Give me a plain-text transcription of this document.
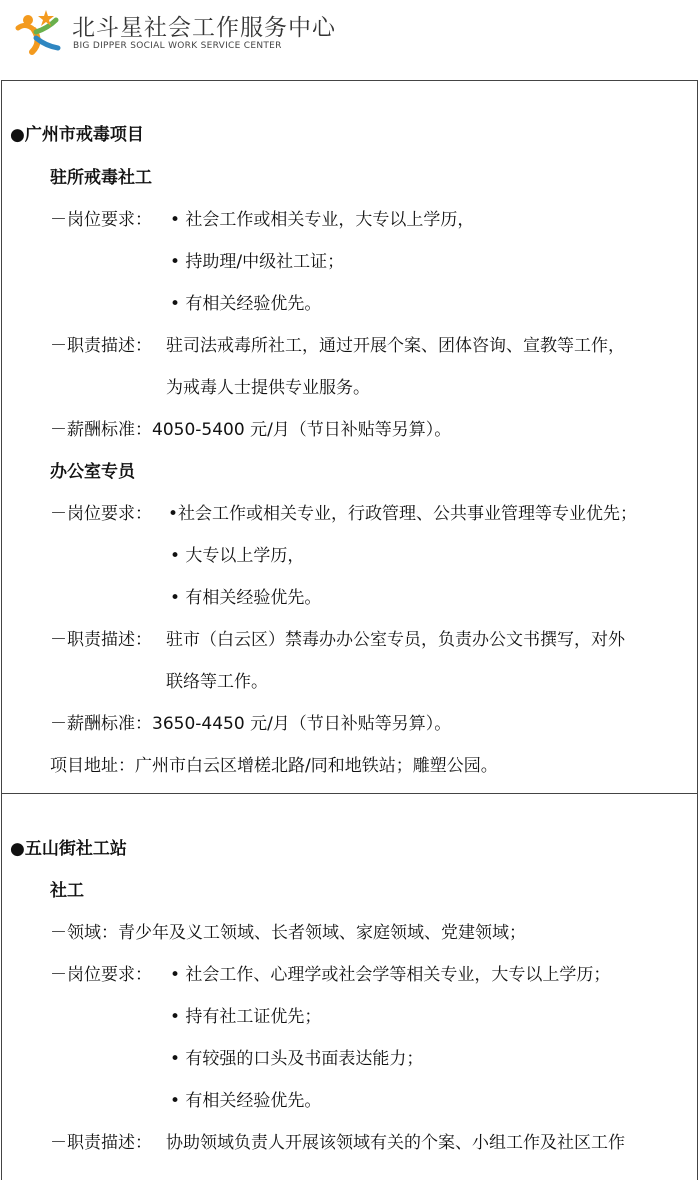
北斗星社会工作服务中心
BIG DIPPER SOCIAL WORK SERVICE CENTER
●广州市戒毒项目
驻所戒毒社工
－岗位要求： • 社会工作或相关专业，大专以上学历，
• 持助理/中级社工证；
• 有相关经验优先。
－职责描述： 驻司法戒毒所社工，通过开展个案、团体咨询、宣教等工作，
为戒毒人士提供专业服务。
－薪酬标准：4050-5400 元/月（节日补贴等另算）。
办公室专员
－岗位要求： •社会工作或相关专业，行政管理、公共事业管理等专业优先；
• 大专以上学历，
• 有相关经验优先。
－职责描述： 驻市（白云区）禁毒办办公室专员，负责办公文书撰写，对外
联络等工作。
－薪酬标准：3650-4450 元/月（节日补贴等另算）。
项目地址：广州市白云区增槎北路/同和地铁站；雕塑公园。
●五山街社工站
社工
－领域：青少年及义工领域、长者领域、家庭领域、党建领域；
－岗位要求： • 社会工作、心理学或社会学等相关专业，大专以上学历；
• 持有社工证优先；
• 有较强的口头及书面表达能力；
• 有相关经验优先。
－职责描述： 协助领域负责人开展该领域有关的个案、小组工作及社区工作
